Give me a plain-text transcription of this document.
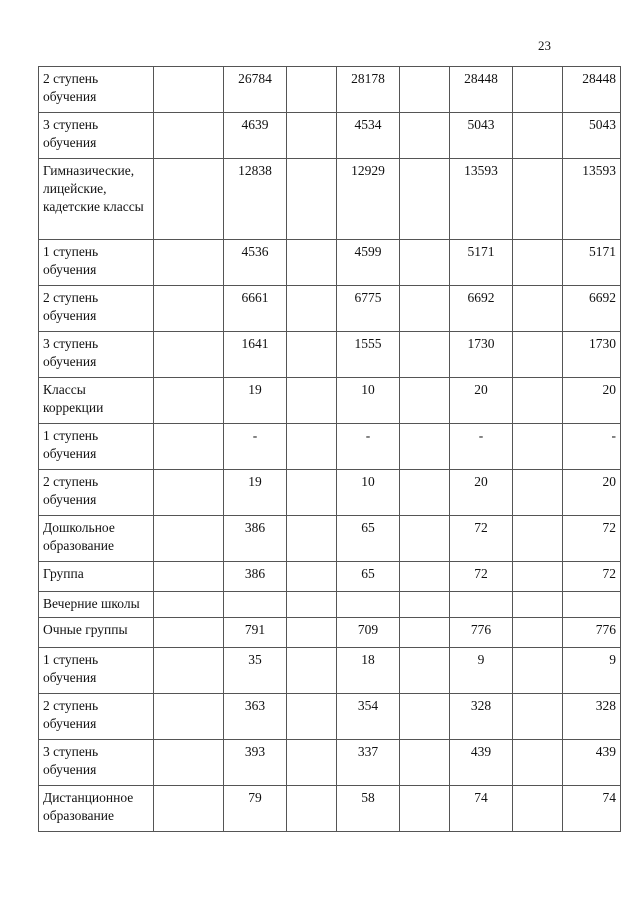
23
2 ступень обучения		26784		28178		28448		28448
3 ступень обучения		4639		4534		5043		5043
Гимназические, лицейские, кадетские классы		12838		12929		13593		13593
1 ступень обучения		4536		4599		5171		5171
2 ступень обучения		6661		6775		6692		6692
3 ступень обучения		1641		1555		1730		1730
Классы коррекции		19		10		20		20
1 ступень обучения		-		-		-		-
2 ступень обучения		19		10		20		20
Дошкольное образование		386		65		72		72
Группа		386		65		72		72
Вечерние школы								
Очные группы		791		709		776		776
1 ступень обучения		35		18		9		9
2 ступень обучения		363		354		328		328
3 ступень обучения		393		337		439		439
Дистанционное образование		79		58		74		74
